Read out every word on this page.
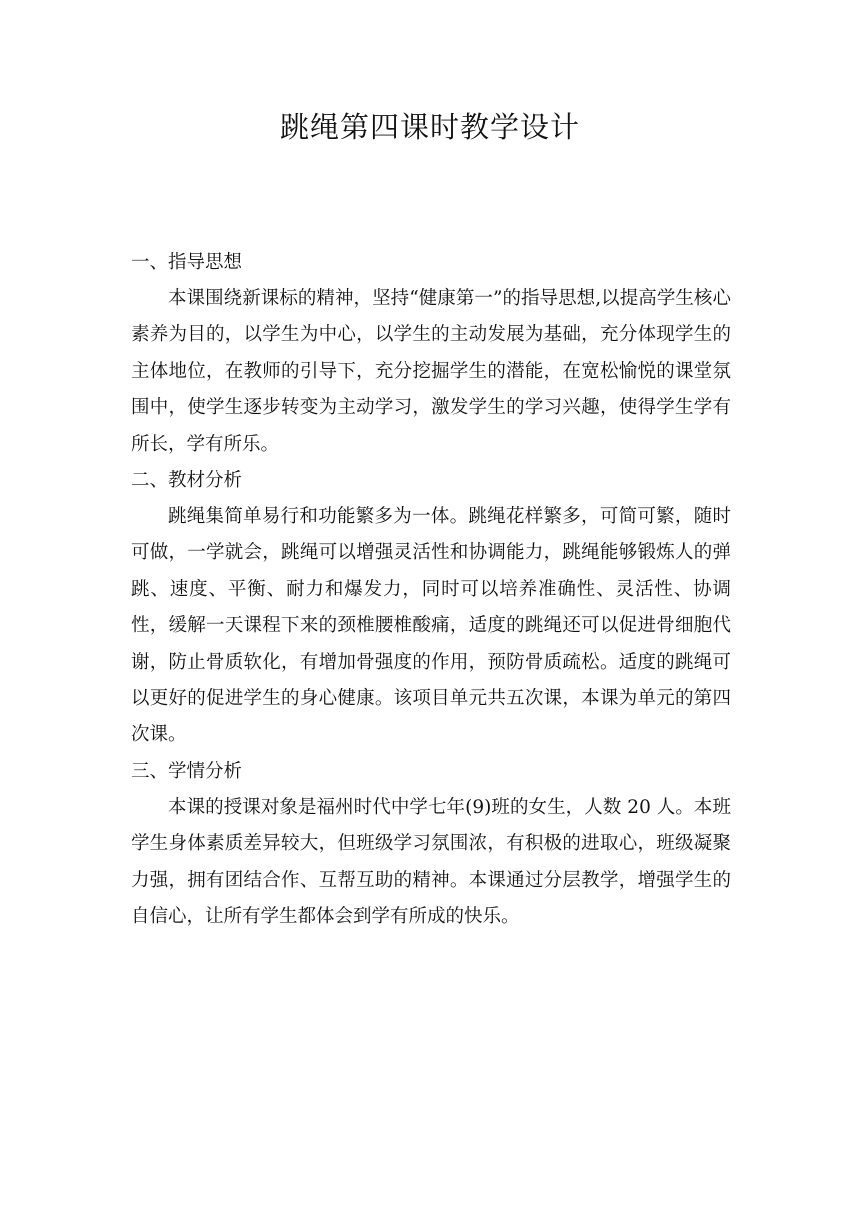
跳绳第四课时教学设计
一、指导思想

本课围绕新课标的精神，坚持“健康第一”的指导思想,以提高学生核心素养为目的，以学生为中心，以学生的主动发展为基础，充分体现学生的主体地位，在教师的引导下，充分挖掘学生的潜能，在宽松愉悦的课堂氛围中，使学生逐步转变为主动学习，激发学生的学习兴趣，使得学生学有所长，学有所乐。

二、教材分析

跳绳集简单易行和功能繁多为一体。跳绳花样繁多，可简可繁，随时可做，一学就会，跳绳可以增强灵活性和协调能力，跳绳能够锻炼人的弹跳、速度、平衡、耐力和爆发力，同时可以培养准确性、灵活性、协调性，缓解一天课程下来的颈椎腰椎酸痛，适度的跳绳还可以促进骨细胞代谢，防止骨质软化，有增加骨强度的作用，预防骨质疏松。适度的跳绳可以更好的促进学生的身心健康。该项目单元共五次课，本课为单元的第四次课。

三、学情分析

本课的授课对象是福州时代中学七年(9)班的女生，人数 20 人。本班学生身体素质差异较大，但班级学习氛围浓，有积极的进取心，班级凝聚力强，拥有团结合作、互帮互助的精神。本课通过分层教学，增强学生的自信心，让所有学生都体会到学有所成的快乐。
